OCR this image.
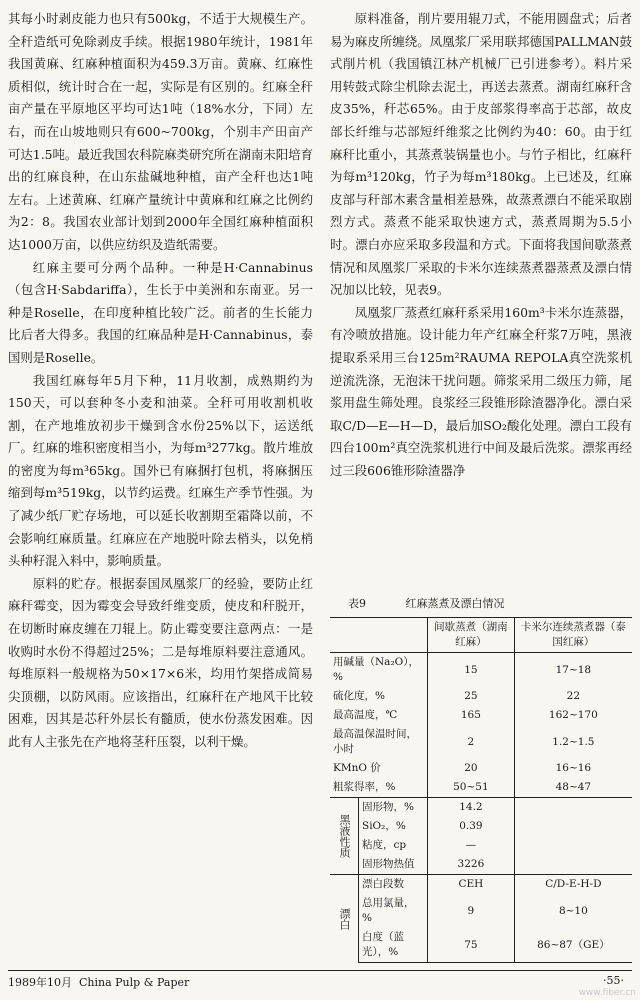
其每小时剥皮能力也只有500kg，不适于大规模生产。全秆造纸可免除剥皮手续。根据1980年统计，1981年我国黄麻、红麻种植面积为459.3万亩。黄麻、红麻性质相似，统计时合在一起，实际是有区别的。红麻全秆亩产量在平原地区平均可达1吨（18%水分，下同）左右，而在山坡地则只有600~700kg，个别丰产田亩产可达1.5吨。最近我国农科院麻类研究所在湖南未阳培育出的红麻良种，在山东盐碱地种植，亩产全秆也达1吨左右。上述黄麻、红麻产量统计中黄麻和红麻之比例约为2：8。我国农业部计划到2000年全国红麻种植面积达1000万亩，以供应纺织及造纸需要。

红麻主要可分两个品种。一种是H·Cannabinus（包含H·Sabdariffa），生长于中美洲和东南亚。另一种是Roselle，在印度种植比较广泛。前者的生长能力比后者大得多。我国的红麻品种是H·Cannabinus，泰国则是Roselle。

我国红麻每年5月下种，11月收割，成熟期约为150天，可以套种冬小麦和油菜。全秆可用收割机收割，在产地堆放初步干燥到含水份25%以下，运送纸厂。红麻的堆积密度相当小，为每m³277kg。散片堆放的密度为每m³65kg。国外已有麻捆打包机，将麻捆压缩到每m³519kg，以节约运费。红麻生产季节性强。为了减少纸厂贮存场地，可以延长收割期至霜降以前，不会影响红麻质量。红麻应在产地脱叶除去梢头，以免梢头种籽混入料中，影响质量。

原料的贮存。根据泰国凤凰浆厂的经验，要防止红麻秆霉变，因为霉变会导致纤维变质，使皮和秆脱开，在切断时麻皮缠在刀辊上。防止霉变要注意两点：一是收购时水份不得超过25%；二是每堆原料要注意通风。每堆原料一般规格为50×17×6米，均用竹架搭成简易尖顶棚，以防风雨。应该指出，红麻秆在产地风干比较困难，因其是芯秆外层长有髓质，使水份蒸发困难。因此有人主张先在产地将茎秆压裂，以利干燥。

原料准备，削片要用辊刀式，不能用圆盘式；后者易为麻皮所缠绕。凤凰浆厂采用联邦德国PALLMAN鼓式削片机（我国镇江林产机械厂已引进参考）。料片采用转鼓式除尘机除去泥土，再送去蒸煮。湖南红麻秆含皮35%，秆芯65%。由于皮部浆得率高于芯部，故皮部长纤维与芯部短纤维浆之比例约为40：60。由于红麻秆比重小，其蒸煮装锅量也小。与竹子相比，红麻秆为每m³120kg，竹子为每m³180kg。上已述及，红麻皮部与秆部木素含量相差悬殊，故蒸煮漂白不能采取剧烈方式。蒸煮不能采取快速方式，蒸煮周期为5.5小时。漂白亦应采取多段温和方式。下面将我国间歇蒸煮情况和凤凰浆厂采取的卡米尔连续蒸煮器蒸煮及漂白情况加以比较，见表9。

凤凰浆厂蒸煮红麻秆系采用160m³卡米尔连蒸器，有冷喷放措施。设计能力年产红麻全秆浆7万吨，黑液提取系采用三台125m²RAUMA REPOLA真空洗浆机逆流洗涤，无泡沫干扰问题。筛浆采用二级压力筛，尾浆用盘生筛处理。良浆经三段锥形除渣器净化。漂白采取C/D—E—H—D，最后加SO₂酸化处理。漂白工段有四台100m²真空洗浆机进行中间及最后洗浆。漂浆再经过三段606锥形除渣器净

表9	红麻蒸煮及漂白情况
		间歇蒸煮（湖南红麻）	卡米尔连续蒸煮器（泰国红麻）
用碱量（Na₂O），%		15	17~18
硫化度，%		25	22
最高温度，℃		165	162~170
最高温保温时间，小时		2	1.2~1.5
KMnO 价		20	16~16
粗浆得率，%		50~51	48~47
黑液性质	固形物，%	14.2	
	SiO₂，%	0.39	
	粘度，cp	—	
	固形物热值	3226	
漂白	漂白段数	CEH	C/D-E-H-D
	总用氯量，%	9	8~10
	白度（蓝光），%	75	86~87（GE）
1989年10月 China Pulp & Paper	·55·
www.fiber.cn
